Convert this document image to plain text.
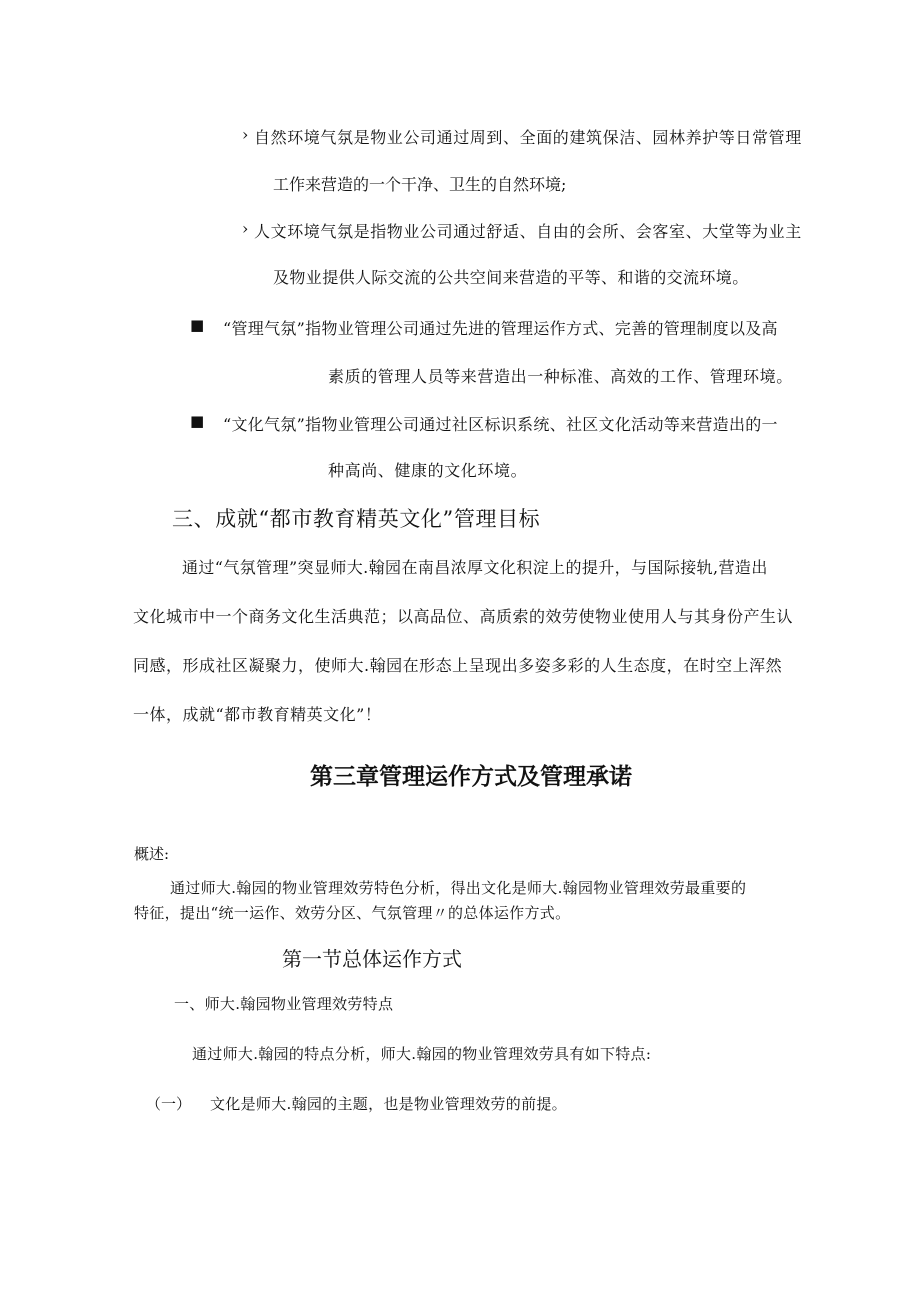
› 自然环境气氛是物业公司通过周到、全面的建筑保洁、园林养护等日常管理

工作来营造的一个干净、卫生的自然环境;

› 人文环境气氛是指物业公司通过舒适、自由的会所、会客室、大堂等为业主

及物业提供人际交流的公共空间来营造的平等、和谐的交流环境。

■ “管理气氛”指物业管理公司通过先进的管理运作方式、完善的管理制度以及高

素质的管理人员等来营造出一种标准、高效的工作、管理环境。

■ “文化气氛”指物业管理公司通过社区标识系统、社区文化活动等来营造出的一

种高尚、健康的文化环境。

三、成就“都市教育精英文化”管理目标

通过“气氛管理”突显师大.翰园在南昌浓厚文化积淀上的提升，与国际接轨,营造出

文化城市中一个商务文化生活典范；以高品位、高质索的效劳使物业使用人与其身份产生认

同感，形成社区凝聚力，使师大.翰园在形态上呈现出多姿多彩的人生态度，在时空上浑然

一体，成就“都市教育精英文化”！

第三章管理运作方式及管理承诺

概述:

通过师大.翰园的物业管理效劳特色分析，得出文化是师大.翰园物业管理效劳最重要的

特征，提出“统一运作、效劳分区、气氛管理〃的总体运作方式。

第一节总体运作方式

一、师大.翰园物业管理效劳特点

通过师大.翰园的特点分析，师大.翰园的物业管理效劳具有如下特点:

（一） 文化是师大.翰园的主题，也是物业管理效劳的前提。
